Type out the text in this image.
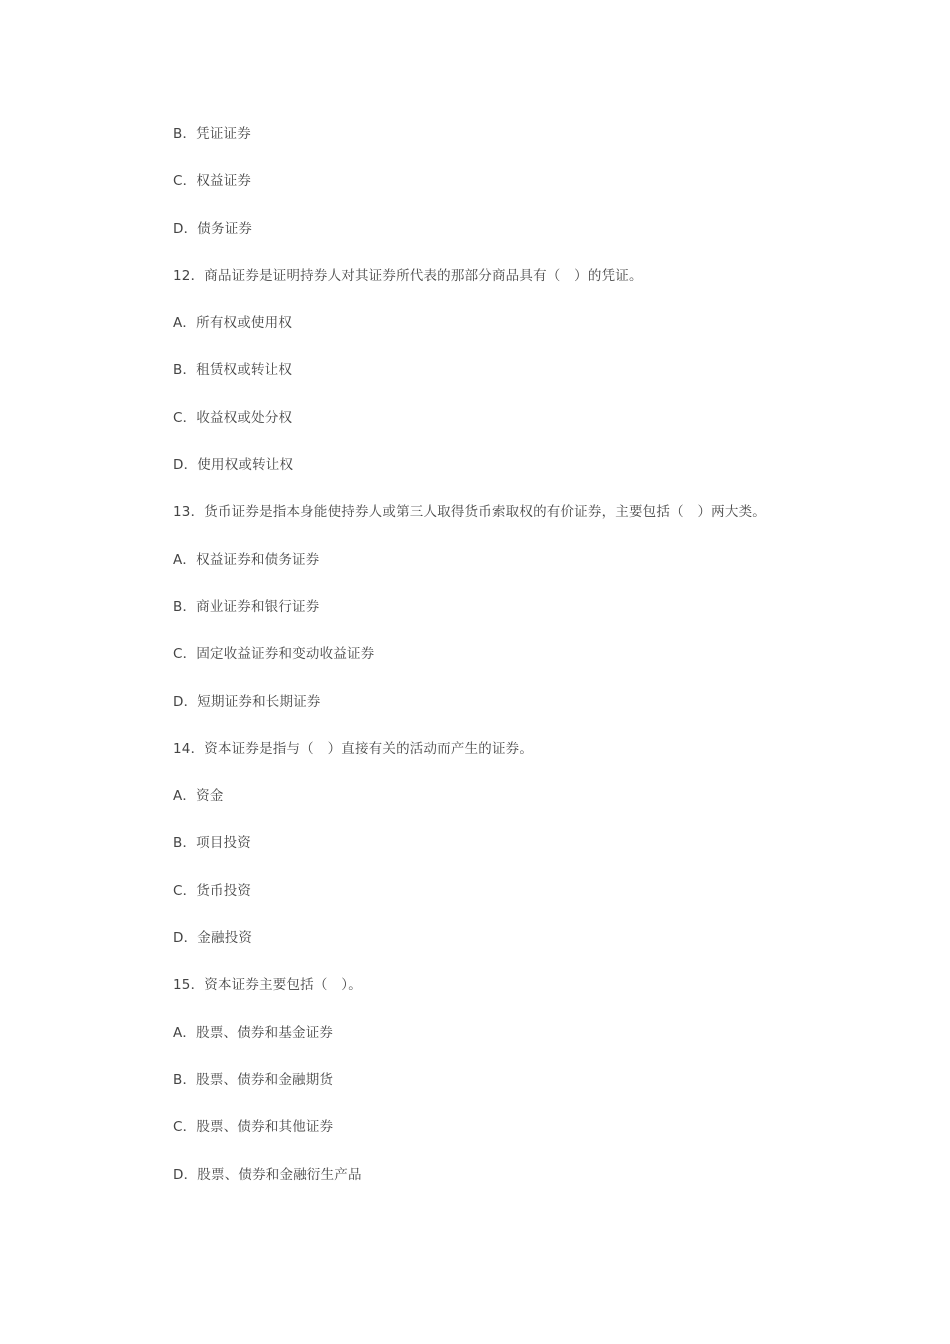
B．凭证证券
C．权益证券
D．债务证券
12．商品证券是证明持券人对其证券所代表的那部分商品具有（　）的凭证。
A．所有权或使用权
B．租赁权或转让权
C．收益权或处分权
D．使用权或转让权
13．货币证券是指本身能使持券人或第三人取得货币索取权的有价证券，主要包括（　）两大类。
A．权益证券和债务证券
B．商业证券和银行证券
C．固定收益证券和变动收益证券
D．短期证券和长期证券
14．资本证券是指与（　）直接有关的活动而产生的证券。
A．资金
B．项目投资
C．货币投资
D．金融投资
15．资本证券主要包括（　）。
A．股票、债券和基金证券
B．股票、债券和金融期货
C．股票、债券和其他证券
D．股票、债券和金融衍生产品
